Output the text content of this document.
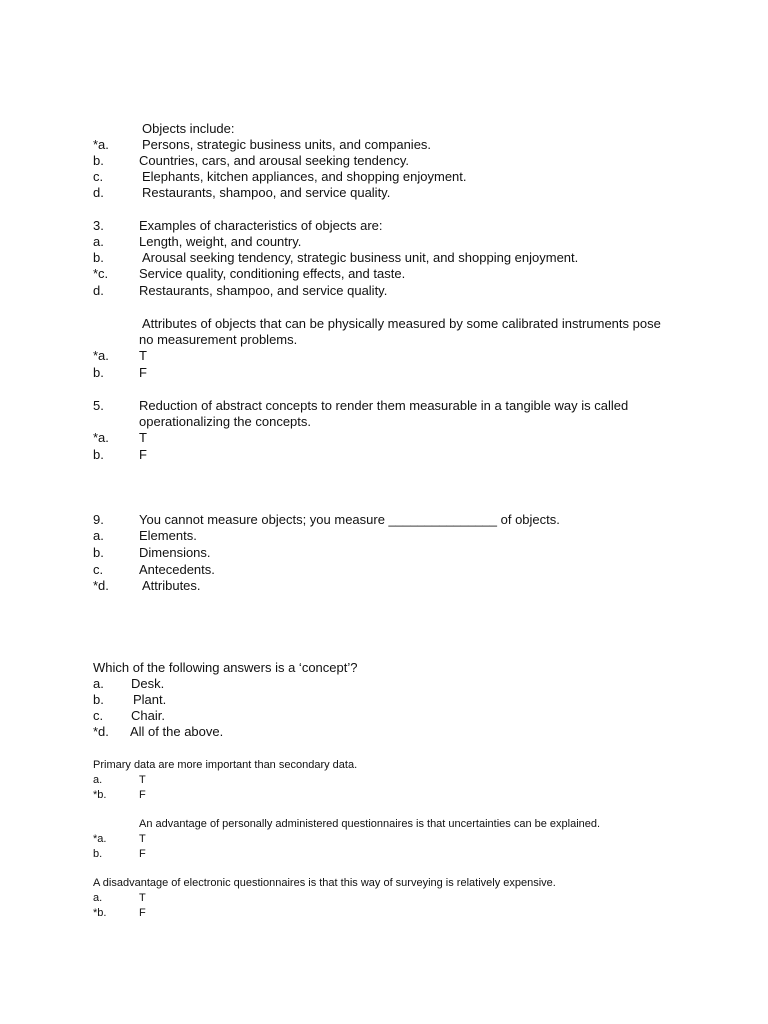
Objects include:
*a.	Persons, strategic business units, and companies.
b.	Countries, cars, and arousal seeking tendency.
c.	Elephants, kitchen appliances, and shopping enjoyment.
d.	Restaurants, shampoo, and service quality.
3.	Examples of characteristics of objects are:
a.	Length, weight, and country.
b.	Arousal seeking tendency, strategic business unit, and shopping enjoyment.
*c. Service quality, conditioning effects, and taste.
d.	Restaurants, shampoo, and service quality.
Attributes of objects that can be physically measured by some calibrated instruments pose
no measurement problems.
*a. T
b.	F
5.	Reduction of abstract concepts to render them measurable in a tangible way is called
operationalizing the concepts.
*a. T
b.	F
9.	You cannot measure objects; you measure _______________ of objects.
a.	Elements.
b.	Dimensions.
c.	Antecedents.
*d.	Attributes.
Which of the following answers is a ‘concept’?
a. Desk.
b. Plant.
c. Chair.
*d. All of the above.
Primary data are more important than secondary data.
a.	T
*b.	F
An advantage of personally administered questionnaires is that uncertainties can be explained.
*a.	T
b.	F
A disadvantage of electronic questionnaires is that this way of surveying is relatively expensive.
a.	T
*b.	F
